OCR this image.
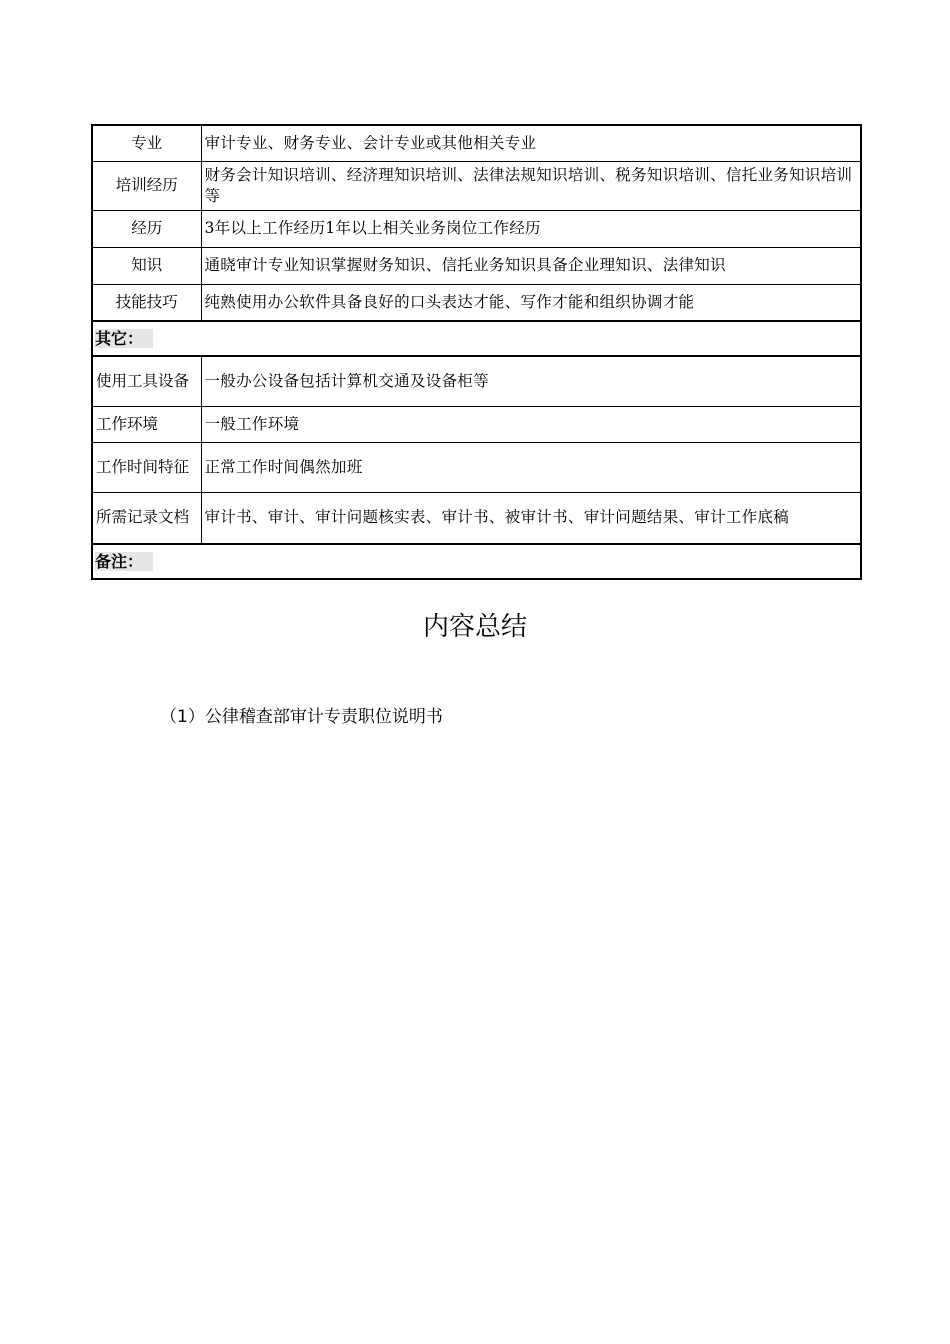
专业	审计专业、财务专业、会计专业或其他相关专业
培训经历	财务会计知识培训、经济理知识培训、法律法规知识培训、税务知识培训、信托业务知识培训等
经历	3年以上工作经历1年以上相关业务岗位工作经历
知识	通晓审计专业知识掌握财务知识、信托业务知识具备企业理知识、法律知识
技能技巧	纯熟使用办公软件具备良好的口头表达才能、写作才能和组织协调才能
其它：	
使用工具设备	一般办公设备包括计算机交通及设备柜等
工作环境	一般工作环境
工作时间特征	正常工作时间偶然加班
所需记录文档	审计书、审计、审计问题核实表、审计书、被审计书、审计问题结果、审计工作底稿
备注：	
内容总结
（1）公律稽查部审计专责职位说明书
